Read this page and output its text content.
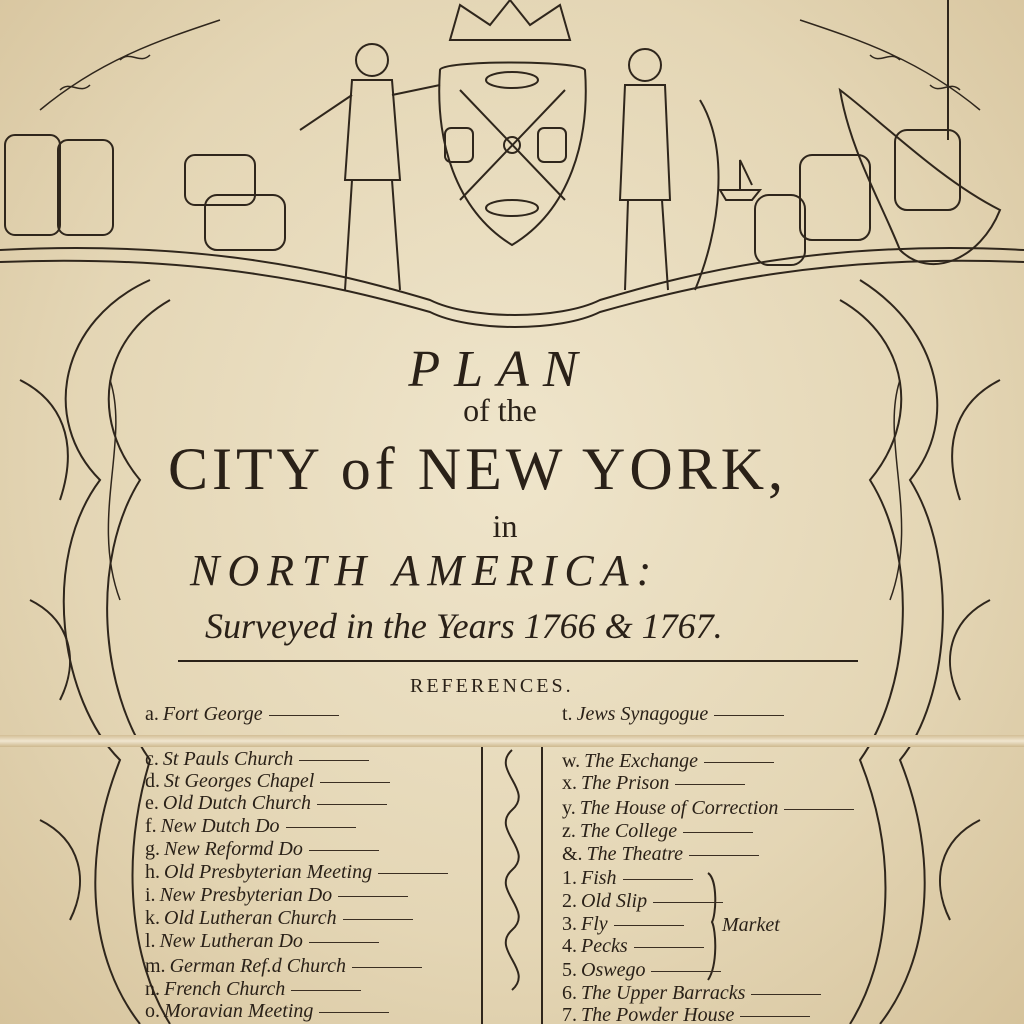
PLAN
of the
CITY of NEW YORK,
in
NORTH AMERICA:
Surveyed in the Years 1766 & 1767.
REFERENCES.
a. Fort George
c. St Pauls Church
d. St Georges Chapel
e. Old Dutch Church
f. New Dutch Do
g. New Reformd Do
h. Old Presbyterian Meeting
i. New Presbyterian Do
k. Old Lutheran Church
l. New Lutheran Do
m. German Ref.d Church
n. French Church
o. Moravian Meeting
t. Jews Synagogue
w. The Exchange
x. The Prison
y. The House of Correction
z. The College
&. The Theatre
1. Fish
2. Old Slip
3. Fly
4. Pecks
5. Oswego
6. The Upper Barracks
7. The Powder House
Market
